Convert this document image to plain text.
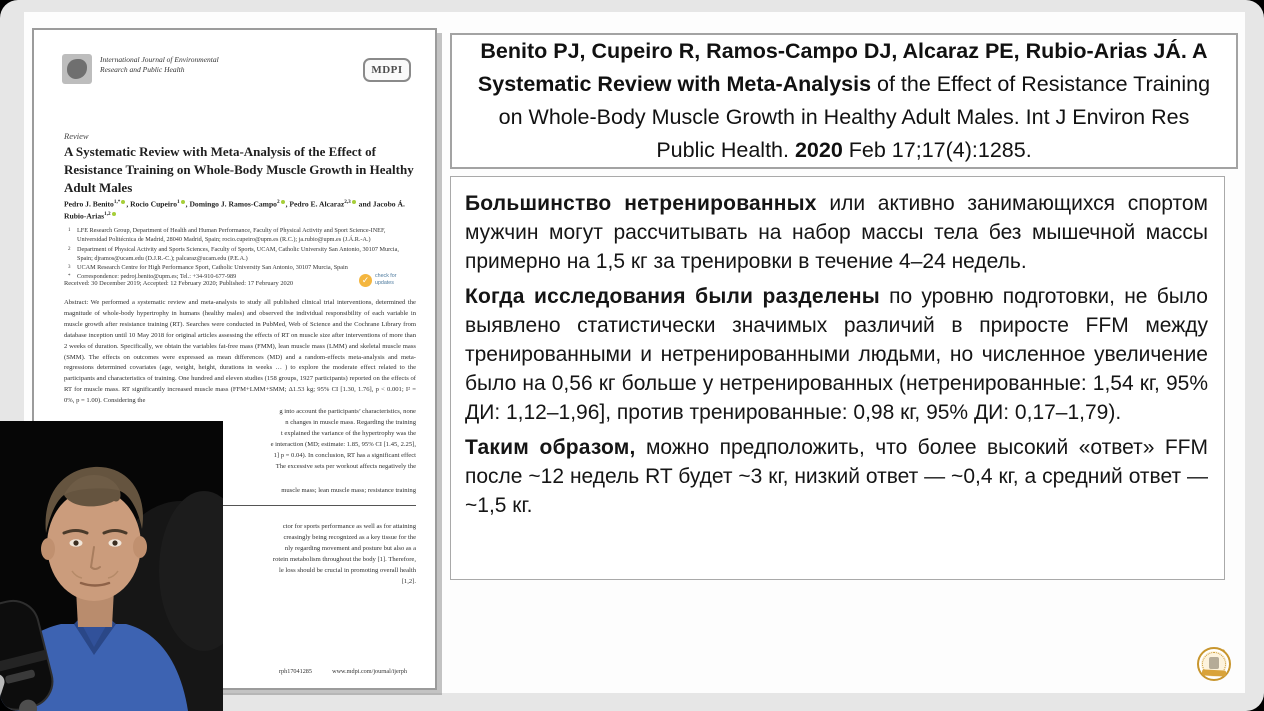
International Journal of Environmental Research and Public Health	MDPI
Review
A Systematic Review with Meta-Analysis of the Effect of Resistance Training on Whole-Body Muscle Growth in Healthy Adult Males
Pedro J. Benito$^{1,*}$ , Rocio Cupeiro$^1$ , Domingo J. Ramos-Campo$^2$ , Pedro E. Alcaraz$^{2,3}$ and Jacobo Á. Rubio-Arias$^{1,2}$
1	LFE Research Group, Department of Health and Human Performance, Faculty of Physical Activity and Sport Science-INEF, Universidad Politécnica de Madrid, 28040 Madrid, Spain; rocio.cupeiro@upm.es (R.C.); ja.rubio@upm.es (J.Á.R.-A.)
2	Department of Physical Activity and Sports Sciences, Faculty of Sports, UCAM, Catholic University San Antonio, 30107 Murcia, Spain; djramos@ucam.edu (D.J.R.-C.); palcaraz@ucam.edu (P.E.A.)
3	UCAM Research Centre for High Performance Sport, Catholic University San Antonio, 30107 Murcia, Spain
*	Correspondence: pedroj.benito@upm.es; Tel.: +34-910-677-989
Received: 30 December 2019; Accepted: 12 February 2020; Published: 17 February 2020	✓	check for
updates
Abstract: We performed a systematic review and meta-analysis to study all published clinical trial interventions, determined the magnitude of whole-body hypertrophy in humans (healthy males) and observed the individual responsibility of each variable in muscle growth after resistance training (RT). Searches were conducted in PubMed, Web of Science and the Cochrane Library from database inception until 10 May 2018 for original articles assessing the effects of RT on muscle size after interventions of more than 2 weeks of duration. Specifically, we obtain the variables fat-free mass (FMM), lean muscle mass (LMM) and skeletal muscle mass (SMM). The effects on outcomes were expressed as mean differences (MD) and a random-effects meta-analysis and meta-regressions determined covariates (age, weight, height, durations in weeks … ) to explore the moderate effect related to the participants and characteristics of training. One hundred and eleven studies (158 groups, 1927 participants) reported on the effects of RT for muscle mass. RT significantly increased muscle mass (FFM+LMM+SMM; Δ1.53 kg; 95% CI [1.30, 1.76], p < 0.001; I² = 0%, p = 1.00). Considering the
g into account the participants’ characteristics, none
n changes in muscle mass. Regarding the training
t explained the variance of the hypertrophy was the
e interaction (MD; estimate: 1.85, 95% CI [1.45, 2.25],
1] p = 0.04). In conclusion, RT has a significant effect
The excessive sets per workout affects negatively the
muscle mass; lean muscle mass; resistance training
ctor for sports performance as well as for attaining
creasingly being recognized as a key tissue for the
nly regarding movement and posture but also as a
rotein metabolism throughout the body [1]. Therefore,
le loss should be crucial in promoting overall health
[1,2].
rph17041285	www.mdpi.com/journal/ijerph
Benito PJ, Cupeiro R, Ramos-Campo DJ, Alcaraz PE, Rubio-Arias JÁ. A Systematic Review with Meta-Analysis of the Effect of Resistance Training on Whole-Body Muscle Growth in Healthy Adult Males. Int J Environ Res Public Health. 2020 Feb 17;17(4):1285.

Большинство нетренированных или активно занимающихся спортом мужчин могут рассчитывать на набор массы тела без мышечной массы примерно на 1,5 кг за тренировки в течение 4–24 недель.

Когда исследования были разделены по уровню подготовки, не было выявлено статистически значимых различий в приросте FFM между тренированными и нетренированными людьми, но численное увеличение было на 0,56 кг больше у нетренированных (нетренированные: 1,54 кг, 95% ДИ: 1,12–1,96], против тренированные: 0,98 кг, 95% ДИ: 0,17–1,79).

Таким образом, можно предположить, что более высокий «ответ» FFM после ~12 недель RT будет ~3 кг, низкий ответ — ~0,4 кг, а средний ответ — ~1,5 кг.
